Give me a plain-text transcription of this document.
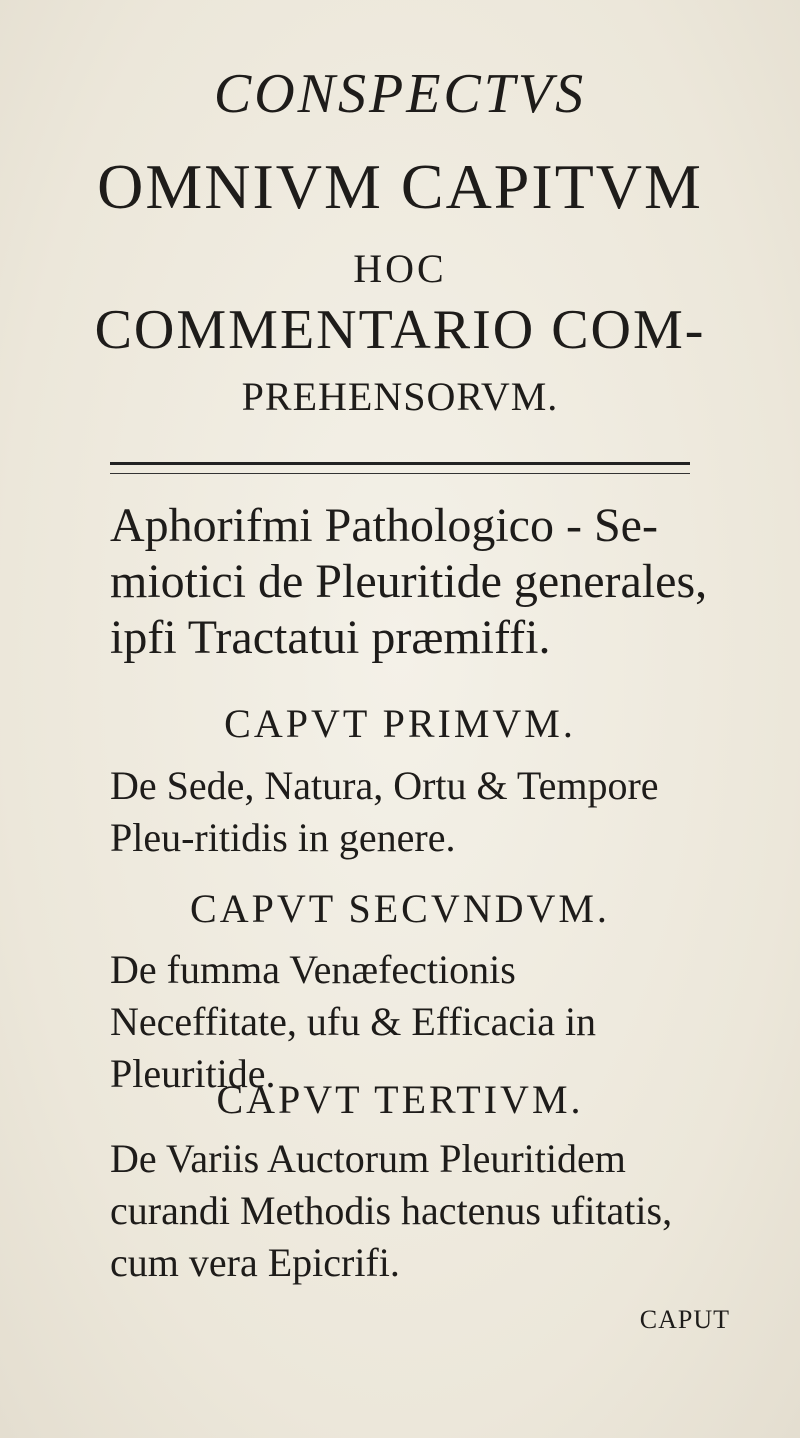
CONSPECTVS
OMNIVM CAPITVM
HOC
COMMENTARIO COM-
PREHENSORVM.

Aphorifmi Pathologico - Se-miotici de Pleuritide generales, ipfi Tractatui præmiffi.

CAPVT PRIMVM.

De Sede, Natura, Ortu & Tempore Pleu-ritidis in genere.

CAPVT SECVNDVM.

De fumma Venæfectionis Neceffitate, ufu & Efficacia in Pleuritide.

CAPVT TERTIVM.

De Variis Auctorum Pleuritidem curandi Methodis hactenus ufitatis, cum vera Epicrifi.

CAPUT
